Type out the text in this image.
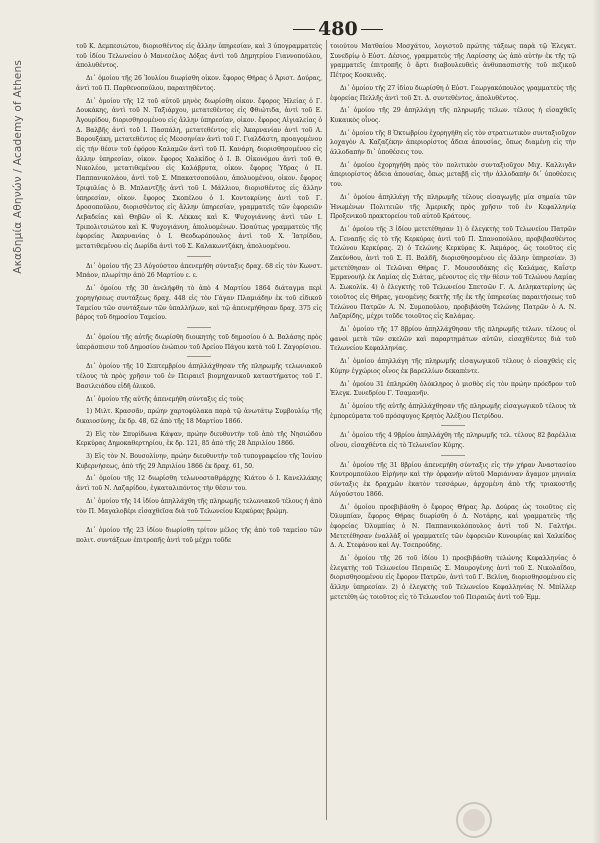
Ακαδημία Αθηνών / Academy of Athens
480

τοῦ Κ. Δεμπεσιώτου, διορισθέντος εἰς ἄλλην ὑπηρεσίαν, καὶ 3 ὑπογραμματεὺς τοῦ ἰδίου Τελωνείου ὁ Μανεσέλος Δόξας ἀντὶ τοῦ Δημητρίου Γιαννοπούλου, ἀπολυθέντος.

Δι᾽ ὁμοίου τῆς 26 Ἰουλίου διωρίσθη οἰκον. ἔφορος Θήρας ὁ Ἀριστ. Δούρας, ἀντὶ τοῦ Π. Παρθενοπούλου, παραιτηθέντος.

Δι᾽ ὁμοίου τῆς 12 τοῦ αὐτοῦ μηνὸς διωρίσθη οἰκον. ἔφορος Ἠλείας ὁ Γ. Δουκάκης, ἀντὶ τοῦ Ν. Ταξιάρχου, μετατεθέντος εἰς Φθιώτιδα, ἀντὶ τοῦ Ε. Ἀγουρίδου, διορισθησομένου εἰς ἄλλην ὑπηρεσίαν, οἰκον. ἔφορος Αἰγιαλείας ὁ Δ. Βαλβῆς ἀντὶ τοῦ Ι. Πασπάλη, μετατεθέντος εἰς Ἀκαρνανίαν ἀντὶ τοῦ Α. Βαρουξάκη, μετατεθέντος εἰς Μεσσηνίαν ἀντὶ τοῦ Γ. Γιαλδάστη, προαγομένου εἰς τὴν θέσιν τοῦ ἐφόρου Καλαμῶν ἀντὶ τοῦ Π. Κανάρη, διορισθησομένου εἰς ἄλλην ὑπηρεσίαν, οἰκον. ἔφορος Χαλκίδος ὁ Ι. Β. Οἰκονόμου ἀντὶ τοῦ Θ. Νικολέου, μετατιθεμένου εἰς Καλάβρυτα, οἰκον. ἔφορος Ὑδρας ὁ Π. Παππανικολάου, ἀντὶ τοῦ Σ. Μπακατσοπούλου, ἀπολυομένου, οἰκον. ἔφορος Τριφυλίας ὁ Β. Μπλαντζῆς ἀντὶ τοῦ Ι. Μάλλιου, διορισθέντος εἰς ἄλλην ὑπηρεσίαν, οἰκον. ἔφορος Σκοπέλου ὁ Ι. Κοντοκρίνης ἀντὶ τοῦ Γ. Δροσοπούλου, διορισθέντος εἰς ἄλλην ὑπηρεσίαν, γραμματεῖς τῶν ἐφορειῶν Λεβαδείας καὶ Θηβῶν οἱ Κ. Λέκκας καὶ Κ. Ψυχογιάννης ἀντὶ τῶν Ι. Τριπολιτσιώτου καὶ Κ. Ψυχογιάννη, ἀπολυομένων. Ὡσαύτως γραμματεὺς τῆς ἐφορείας Ἀκαρνανίας ὁ Ι. Θεοδωρόπουλος ἀντὶ τοῦ Χ. Ἰατρίδου, μετατιθεμένου εἰς Δωρίδα ἀντὶ τοῦ Σ. Καλακωντζάκη, ἀπολυομένου.

Δι᾽ ὁμοίου τῆς 23 Αὐγούστου ἀπενεμήθη σύνταξις δραχ. 68 εἰς τὸν Κωνστ. Μπάον, πλωρίτην ἀπὸ 26 Μαρτίου ε. ε.

Δι᾽ ὁμοίου τῆς 30 ἀνελήφθη τὸ ἀπὸ 4 Μαρτίου 1864 διάταγμα περὶ χορηγήσεως συντάξεως δραχ. 448 εἰς τὸν Γάγαν Πλαμιάδην ἐκ τοῦ εἰδικοῦ Ταμείου τῶν συντάξεων τῶν ὑπαλλήλων, καὶ τῷ ἀπενεμήθησαν δραχ. 375 εἰς βάρος τοῦ δημοσίου Ταμείου.

Δι᾽ ὁμοίου τῆς αὐτῆς διωρίσθη διοικητὴς τοῦ δημοσίου ὁ Δ. Βαλάσης πρὸς ὑπεράσπισιν τοῦ Δημοσίου ἐνώπιον τοῦ Ἀρείου Πάγου κατὰ τοῦ Ι. Ζαγορίσιου.

Δι᾽ ὁμοίου τῆς 10 Σεπτεμβρίου ἀπηλλάχθησαν τῆς πληρωμῆς τελωνιακοῦ τέλους τὰ πρὸς χρῆσιν τοῦ ἐν Πειραιεῖ βιομηχανικοῦ καταστήματος τοῦ Γ. Βασιλειάδου εἰδῆ ὀλικοῦ.

Δι᾽ ὁμοίου τῆς αὐτῆς ἀπενεμήθη σύνταξις εἰς τοὺς

1) Μιλτ. Κρασσᾶν, πρώην χαρτοφύλακα παρὰ τῷ ἀνωτάτῳ Συμβουλίῳ τῆς δικαιοσύνης, ἐκ δρ. 48, 62 ἀπὸ τῆς 18 Μαρτίου 1866.

2) Εἰς τὸν Σπυρίδωνα Κάψαν, πρώην διευθυντὴν τοῦ ἀπὸ τῆς Νησιώδου Κερκύρας Δημοκαθερτηρίου, ἐκ δρ. 121, 85 ἀπὸ τῆς 28 Ἀπριλίου 1866.

3) Εἰς τὸν Ν. Βουσολίνην, πρώην διευθυντὴν τοῦ τυπογραφείου τῆς Ἰονίου Κυβερνήσεως, ἀπὸ τῆς 29 Ἀπριλίου 1866 ἐκ δραχ. 61, 50.

Δι᾽ ὁμοίου τῆς 12 διωρίσθη τελωνοσταθμάρχης Κιάτου ὁ Ι. Κανελλάκης ἀντὶ τοῦ Ν. Λαζαρίδου, ἐγκαταλιπόντος τὴν θέσιν του.

Δι᾽ ὁμοίου τῆς 14 ἰδίου ἀπηλλάχθη τῆς πληρωμῆς τελωνιακοῦ τέλους ἡ ἀπὸ τὸν Π. Μαγαλοβέρι εἰσαχθεῖσα διὰ τοῦ Τελωνείου Κερκύρας βρώμη.

Δι᾽ ὁμοίου τῆς 23 ἰδίου διωρίσθη τρίτον μέλος τῆς ἀπὸ τοῦ ταμείου τῶν πολιτ. συντάξεων ἐπιτροπῆς ἀντὶ τοῦ μέχρι τοῦδε

τοιούτου Ματθαίου Μοσχάτου, λογιστοῦ πρώτης τάξεως παρὰ τῷ Ἐλεγκτ. Συνεδρίῳ ὁ Εὐστ. Δέσιος, γραμματεὺς τῆς Λαρίσσης ὡς ἀπὸ αὐτὴν ἐκ τῆς τῷ γραμματεῖς ἐπιτροπῆς ὁ ἄρτι διαβουλευθεὶς ἀνθυπασπιστὴς τοῦ πεζικοῦ Πέτρος Κοσκινᾶς.

Δι᾽ ὁμοίου τῆς 27 ἰδίου διωρίσθη ὁ Εὐστ. Γεωργακόπουλος γραμματεὺς τῆς ἐφορείας Πελλῆς ἀντὶ τοῦ Στ. Δ. συντεθέντος, ἀπολυθέντος.

Δι᾽ ὁμοίου τῆς 29 ἀπηλλάγη τῆς πληρωμῆς τελων. τέλους ἡ εἰσαχθεῖς Κυκαικὸς οἶνος.

Δι᾽ ὁμοίου τῆς 8 Ὀκτωβρίου ἐχορηγήθη εἰς τὸν στρατιωτικὸν συνταξιοῦχον λοχαγὸν Α. Καζαζέκην ἀπεριορίστος ἄδεια ἀπουσίας, ὅπως διαμένῃ εἰς τὴν ἀλλοδαπὴν δι᾽ ὑποθέσεις του.

Δι᾽ ὁμοίου ἐχορηγήθη πρὸς τὸν πολιτικὸν συνταξιοῦχον Μιχ. Καλλιγᾶν ἀπεριορίστος ἄδεια ἀπουσίας, ὅπως μεταβῇ εἰς τὴν ἀλλοδαπὴν δι᾽ ὑποθέσεις του.

Δι᾽ ὁμοίου ἀπηλλάγη τῆς πληρωμῆς τέλους εἰσαγωγῆς μία σημαία τῶν Ἡνωμένων Πολιτειῶν τῆς Ἀμερικῆς πρὸς χρῆσιν τοῦ ἐν Κεφαλληνίᾳ Προξενικοῦ πρακτορείου τοῦ αὐτοῦ Κράτους.

Δι᾽ ὁμοίου τῆς 3 ἰδίου μετετέθησαν 1) ὁ ἐλεγκτὴς τοῦ Τελωνείου Πατρῶν Α. Γεναπῆς εἰς τὸ τῆς Κερκύρας ἀντὶ τοῦ Π. Σπανοπούλου, προβιβασθέντος Τελώνου Κερκύρας. 2) ὁ Τελώνης Κερκύρας Κ. Ἀκμάρος, ὡς τοιοῦτος εἰς Ζακύνθου, ἀντὶ τοῦ Σ. Π. Βαλδῆ, διορισθησομένου εἰς ἄλλην ὑπηρεσίαν. 3) μετετέθησαν οἱ Τελῶναι Θήρας Γ. Μουσουδάκης εἰς Καλάμας, Καΐστρ Ἐμμανουὴλ ἐκ Λαμίας εἰς Σιάτας, μένοντος εἰς τὴν θέσιν τοῦ Τελώνου Λαμίας Α. Σωκολίκ. 4) ὁ ἐλεγκτὴς τοῦ Τελωνείου Σπετσῶν Γ. Α. Δεληκατερίνης ὡς τοιοῦτος εἰς Θήρας, γενομένης δεκτῆς τῆς ἐκ τῆς ὑπηρεσίας παραιτήσεως τοῦ Τελώνου Πατρῶν Α. Ν. Συμοπούλου, προβιβάσθη Τελώνης Πατρῶν ὁ Α. Ν. Λαζαρίδης, μέχρι τοῦδε τοιοῦτος εἰς Καλάμας.

Δι᾽ ὁμοίου τῆς 17 8βρίου ἀπηλλάχθησαν τῆς πληρωμῆς τελων. τέλους οἱ φανοὶ μετὰ τῶν σκελῶν καὶ παραρτημάτων αὐτῶν, εἰσαχθέντες διὰ τοῦ Τελωνείου Κεφαλληνίας.

Δι᾽ ὁμοίου ἀπηλλάγη τῆς πληρωμῆς εἰσαγωγικοῦ τέλους ὁ εἰσαχθεὶς εἰς Κύμην ἐγχώριος οἶνος ἐκ βαρελλίων δεκαπέντε.

Δι᾽ ὁμοίου 31 ἐπληρώθη ὁλόκληρος ὁ μισθὸς εἰς τὸν πρώην πρόεδρον τοῦ Ἐλεγκ. Συνεδρίου Γ. Τσαμανῆν.

Δι᾽ ὁμοίου τῆς αὐτῆς ἀπηλλάχθησαν τῆς πληρωμῆς εἰσαγωγικοῦ τέλους τὰ ἐμπορεύματα τοῦ πρόσφυγος Κρητὸς Ἀλέξιου Πετρίδου.

Δι᾽ ὁμοίου τῆς 4 9βρίου ἀπηλλάχθη τῆς πληρωμῆς τελ. τέλους 82 βαρέλλια οἴνου, εἰσαχθέντα εἰς τὸ Τελωνεῖον Κύμης.

Δι᾽ ὁμοίου τῆς 31 8βρίου ἀπενεμήθη σύνταξις εἰς τὴν χήραν Ἀναστασίου Κουτρομπούλου Εἰρήνην καὶ τὴν ὀρφανὴν αὐτοῦ Μαριάνναν ἄγαμον μηνιαία σύνταξις ἐκ δραχμῶν ἑκατὸν τεσσάρων, ἀρχομένη ἀπὸ τῆς τριακοστῆς Αὐγούστου 1866.

Δι᾽ ὁμοίου προεβιβάσθη ὁ ἔφορος Θήρας Ἀρ. Δούρας ὡς τοιοῦτος εἰς Ὀλυμπίαν, ἔφορος Θήρας διωρίσθη ὁ Δ. Νοτάρης, καὶ γραμματεὺς τῆς ἐφορείας Ὀλυμπίας ὁ Ν. Παππανικολόπουλος ἀντὶ τοῦ Ν. Γαλτήρι. Μετετέθησαν ἐναλλὰξ οἱ γραμματεῖς τῶν ἐφορειῶν Κυνουρίας καὶ Χαλκίδος Δ. Α. Στεφάνου καὶ Αγ. Τσεπρούδης.

Δι᾽ ὁμοίου τῆς 26 τοῦ ἰδίου 1) προεβιβάσθη τελώνης Κεφαλληνίας ὁ ἐλεγκτὴς τοῦ Τελωνείου Πειραιῶς Σ. Μαυρογένης ἀντὶ τοῦ Σ. Νικολαΐδου, διορισθησομένου εἰς ἔφορον Πατρῶν, ἀντὶ τοῦ Γ. Βελίνη, διορισθησομένου εἰς ἄλλην ὑπηρεσίαν. 2) ὁ ἐλεγκτὴς τοῦ Τελωνείου Κεφαλληνίας Ν. Μπίλλερ μετετέθη ὡς τοιοῦτος εἰς τὸ Τελωνεῖον τοῦ Πειραιῶς ἀντὶ τοῦ Ἐμμ.
